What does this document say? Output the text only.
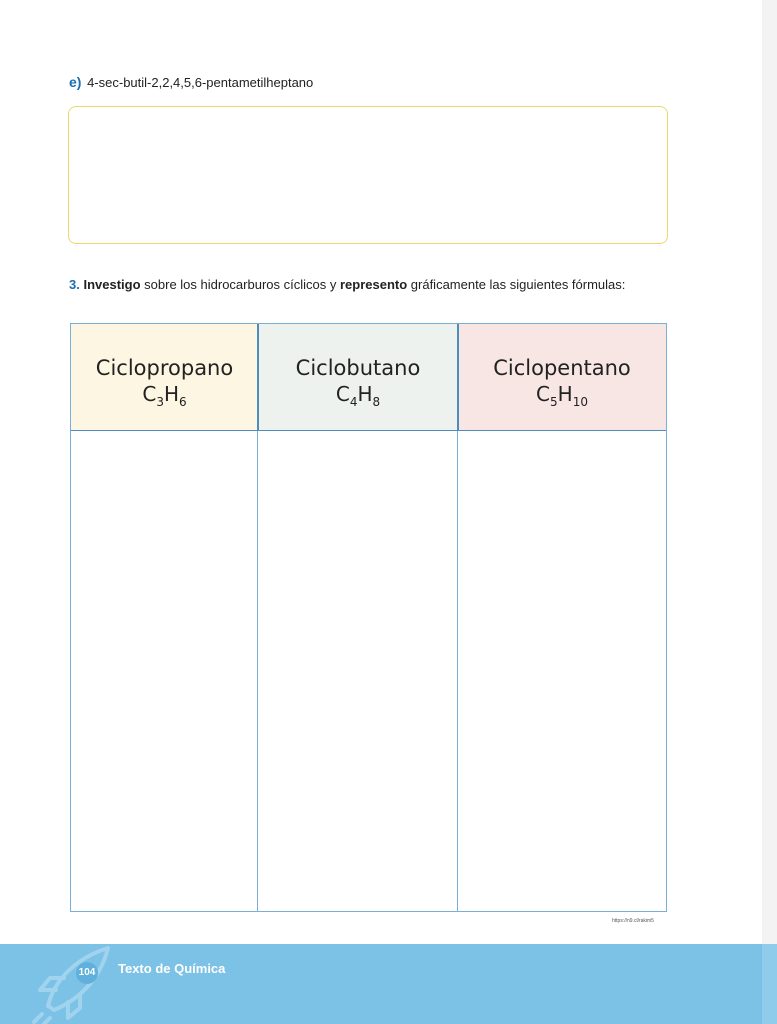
e) 4-sec-butil-2,2,4,5,6-pentametilheptano
3. Investigo sobre los hidrocarburos cíclicos y represento gráficamente las siguientes fórmulas:
Ciclopropano
$C_3H_6$
Ciclobutano
$C_4H_8$
Ciclopentano
$C_5H_{10}$
https://n9.cl/rakim5
104 Texto de Química
